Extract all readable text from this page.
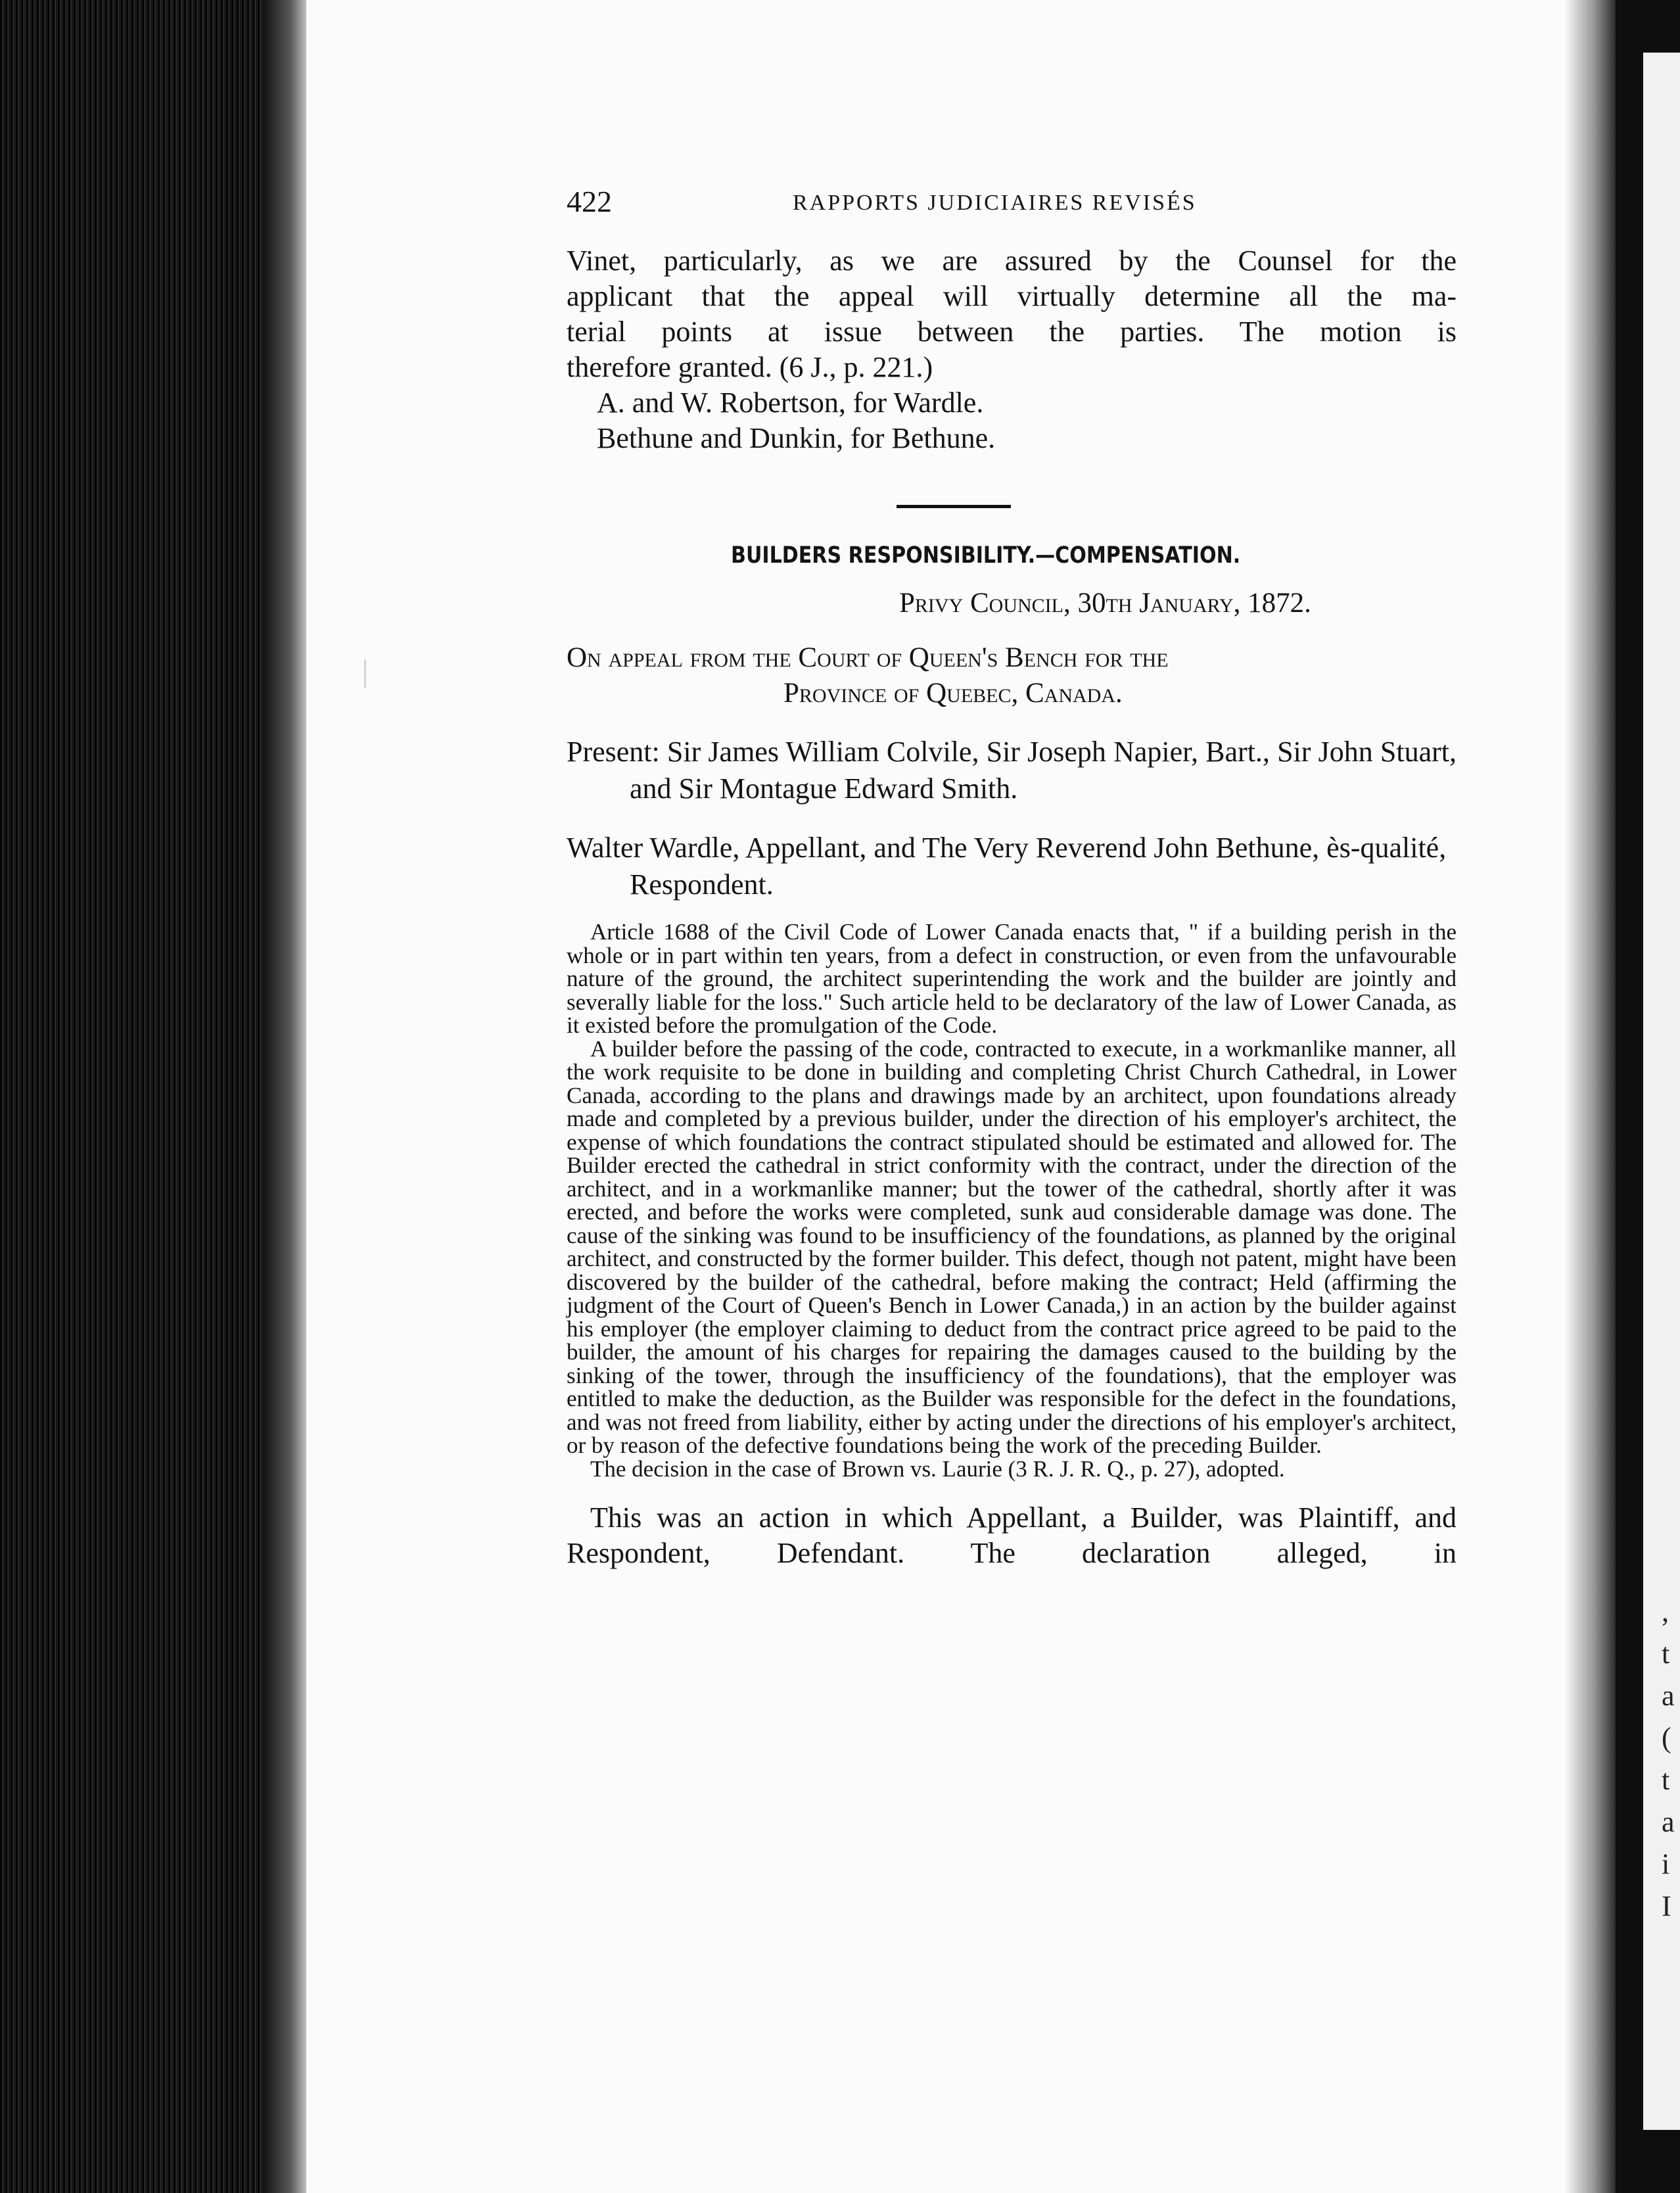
,
t
a
(
t
a
i
I
422	RAPPORTS JUDICIAIRES REVISÉS
Vinet, particularly, as we are assured by the Counsel for the
applicant that the appeal will virtually determine all the ma-
terial points at issue between the parties. The motion is
therefore granted. (6 J., p. 221.)

A. and W. Robertson, for Wardle.

Bethune and Dunkin, for Bethune.

BUILDERS RESPONSIBILITY.—COMPENSATION.
Privy Council, 30th January, 1872.
On appeal from the Court of Queen's Bench for the
Province of Quebec, Canada.
Present: Sir James William Colvile, Sir Joseph Napier, Bart., Sir John Stuart, and Sir Montague Edward Smith.
Walter Wardle, Appellant, and The Very Reverend John Bethune, ès-qualité, Respondent.

Article 1688 of the Civil Code of Lower Canada enacts that, " if a building perish in the whole or in part within ten years, from a defect in construction, or even from the unfavourable nature of the ground, the architect superintending the work and the builder are jointly and severally liable for the loss." Such article held to be declaratory of the law of Lower Canada, as it existed before the promulgation of the Code.

A builder before the passing of the code, contracted to execute, in a workmanlike manner, all the work requisite to be done in building and completing Christ Church Cathedral, in Lower Canada, according to the plans and drawings made by an architect, upon foundations already made and completed by a previous builder, under the direction of his employer's architect, the expense of which foundations the contract stipulated should be estimated and allowed for. The Builder erected the cathedral in strict conformity with the contract, under the direction of the architect, and in a workmanlike manner; but the tower of the cathedral, shortly after it was erected, and before the works were completed, sunk aud considerable damage was done. The cause of the sinking was found to be insufficiency of the foundations, as planned by the original architect, and constructed by the former builder. This defect, though not patent, might have been discovered by the builder of the cathedral, before making the contract; Held (affirming the judgment of the Court of Queen's Bench in Lower Canada,) in an action by the builder against his employer (the employer claiming to deduct from the contract price agreed to be paid to the builder, the amount of his charges for repairing the damages caused to the building by the sinking of the tower, through the insufficiency of the foundations), that the employer was entitled to make the deduction, as the Builder was responsible for the defect in the foundations, and was not freed from liability, either by acting under the directions of his employer's architect, or by reason of the defective foundations being the work of the preceding Builder.

The decision in the case of Brown vs. Laurie (3 R. J. R. Q., p. 27), adopted.

This was an action in which Appellant, a Builder, was Plaintiff, and Respondent, Defendant. The declaration alleged, in
